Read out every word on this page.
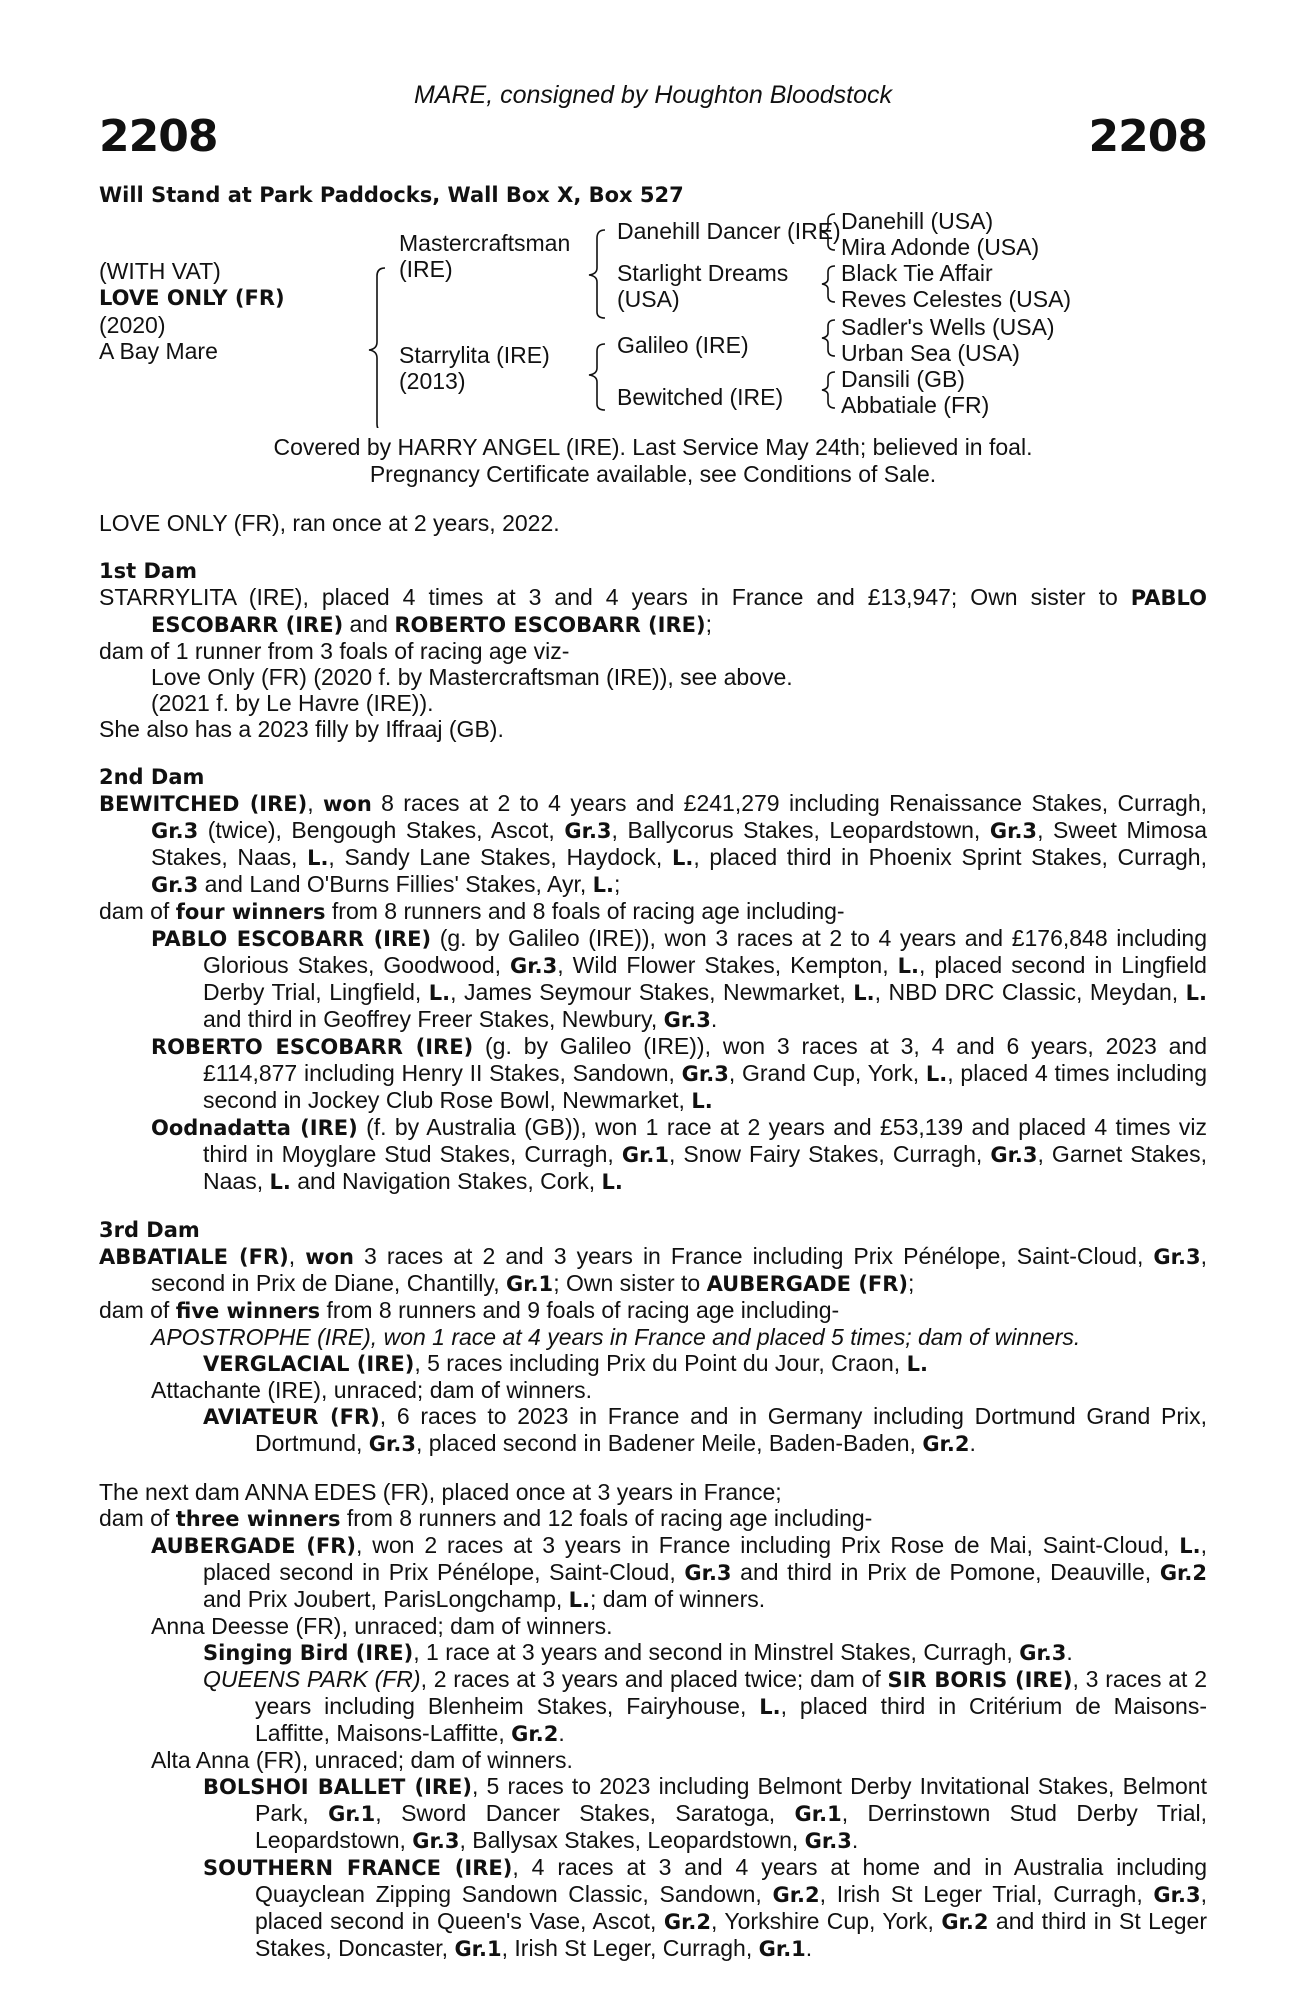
MARE, consigned by Houghton Bloodstock
2208	2208
Will Stand at Park Paddocks, Wall Box X, Box 527
(WITH VAT)
LOVE ONLY (FR)
(2020)
A Bay Mare
Mastercraftsman
(IRE)
Starrylita (IRE)
(2013)
Danehill Dancer (IRE)
Starlight Dreams
(USA)
Galileo (IRE)
Bewitched (IRE)
Danehill (USA)
Mira Adonde (USA)
Black Tie Affair
Reves Celestes (USA)
Sadler's Wells (USA)
Urban Sea (USA)
Dansili (GB)
Abbatiale (FR)
Covered by HARRY ANGEL (IRE). Last Service May 24th; believed in foal.
Pregnancy Certificate available, see Conditions of Sale.
LOVE ONLY (FR), ran once at 2 years, 2022.
1st Dam

STARRYLITA (IRE), placed 4 times at 3 and 4 years in France and £13,947; Own sister to PABLO ESCOBARR (IRE) and ROBERTO ESCOBARR (IRE);

dam of 1 runner from 3 foals of racing age viz-

Love Only (FR) (2020 f. by Mastercraftsman (IRE)), see above.

(2021 f. by Le Havre (IRE)).

She also has a 2023 filly by Iffraaj (GB).

2nd Dam

BEWITCHED (IRE), won 8 races at 2 to 4 years and £241,279 including Renaissance Stakes, Curragh, Gr.3 (twice), Bengough Stakes, Ascot, Gr.3, Ballycorus Stakes, Leopardstown, Gr.3, Sweet Mimosa Stakes, Naas, L., Sandy Lane Stakes, Haydock, L., placed third in Phoenix Sprint Stakes, Curragh, Gr.3 and Land O'Burns Fillies' Stakes, Ayr, L.;

dam of four winners from 8 runners and 8 foals of racing age including-

PABLO ESCOBARR (IRE) (g. by Galileo (IRE)), won 3 races at 2 to 4 years and £176,848 including Glorious Stakes, Goodwood, Gr.3, Wild Flower Stakes, Kempton, L., placed second in Lingfield Derby Trial, Lingfield, L., James Seymour Stakes, Newmarket, L., NBD DRC Classic, Meydan, L. and third in Geoffrey Freer Stakes, Newbury, Gr.3.

ROBERTO ESCOBARR (IRE) (g. by Galileo (IRE)), won 3 races at 3, 4 and 6 years, 2023 and £114,877 including Henry II Stakes, Sandown, Gr.3, Grand Cup, York, L., placed 4 times including second in Jockey Club Rose Bowl, Newmarket, L.

Oodnadatta (IRE) (f. by Australia (GB)), won 1 race at 2 years and £53,139 and placed 4 times viz third in Moyglare Stud Stakes, Curragh, Gr.1, Snow Fairy Stakes, Curragh, Gr.3, Garnet Stakes, Naas, L. and Navigation Stakes, Cork, L.

3rd Dam

ABBATIALE (FR), won 3 races at 2 and 3 years in France including Prix Pénélope, Saint-Cloud, Gr.3, second in Prix de Diane, Chantilly, Gr.1; Own sister to AUBERGADE (FR);

dam of five winners from 8 runners and 9 foals of racing age including-

APOSTROPHE (IRE), won 1 race at 4 years in France and placed 5 times; dam of winners.

VERGLACIAL (IRE), 5 races including Prix du Point du Jour, Craon, L.

Attachante (IRE), unraced; dam of winners.

AVIATEUR (FR), 6 races to 2023 in France and in Germany including Dortmund Grand Prix, Dortmund, Gr.3, placed second in Badener Meile, Baden-Baden, Gr.2.

The next dam ANNA EDES (FR), placed once at 3 years in France;

dam of three winners from 8 runners and 12 foals of racing age including-

AUBERGADE (FR), won 2 races at 3 years in France including Prix Rose de Mai, Saint-Cloud, L., placed second in Prix Pénélope, Saint-Cloud, Gr.3 and third in Prix de Pomone, Deauville, Gr.2 and Prix Joubert, ParisLongchamp, L.; dam of winners.

Anna Deesse (FR), unraced; dam of winners.

Singing Bird (IRE), 1 race at 3 years and second in Minstrel Stakes, Curragh, Gr.3.

QUEENS PARK (FR), 2 races at 3 years and placed twice; dam of SIR BORIS (IRE), 3 races at 2 years including Blenheim Stakes, Fairyhouse, L., placed third in Critérium de Maisons-Laffitte, Maisons-Laffitte, Gr.2.

Alta Anna (FR), unraced; dam of winners.

BOLSHOI BALLET (IRE), 5 races to 2023 including Belmont Derby Invitational Stakes, Belmont Park, Gr.1, Sword Dancer Stakes, Saratoga, Gr.1, Derrinstown Stud Derby Trial, Leopardstown, Gr.3, Ballysax Stakes, Leopardstown, Gr.3.

SOUTHERN FRANCE (IRE), 4 races at 3 and 4 years at home and in Australia including Quayclean Zipping Sandown Classic, Sandown, Gr.2, Irish St Leger Trial, Curragh, Gr.3, placed second in Queen's Vase, Ascot, Gr.2, Yorkshire Cup, York, Gr.2 and third in St Leger Stakes, Doncaster, Gr.1, Irish St Leger, Curragh, Gr.1.
